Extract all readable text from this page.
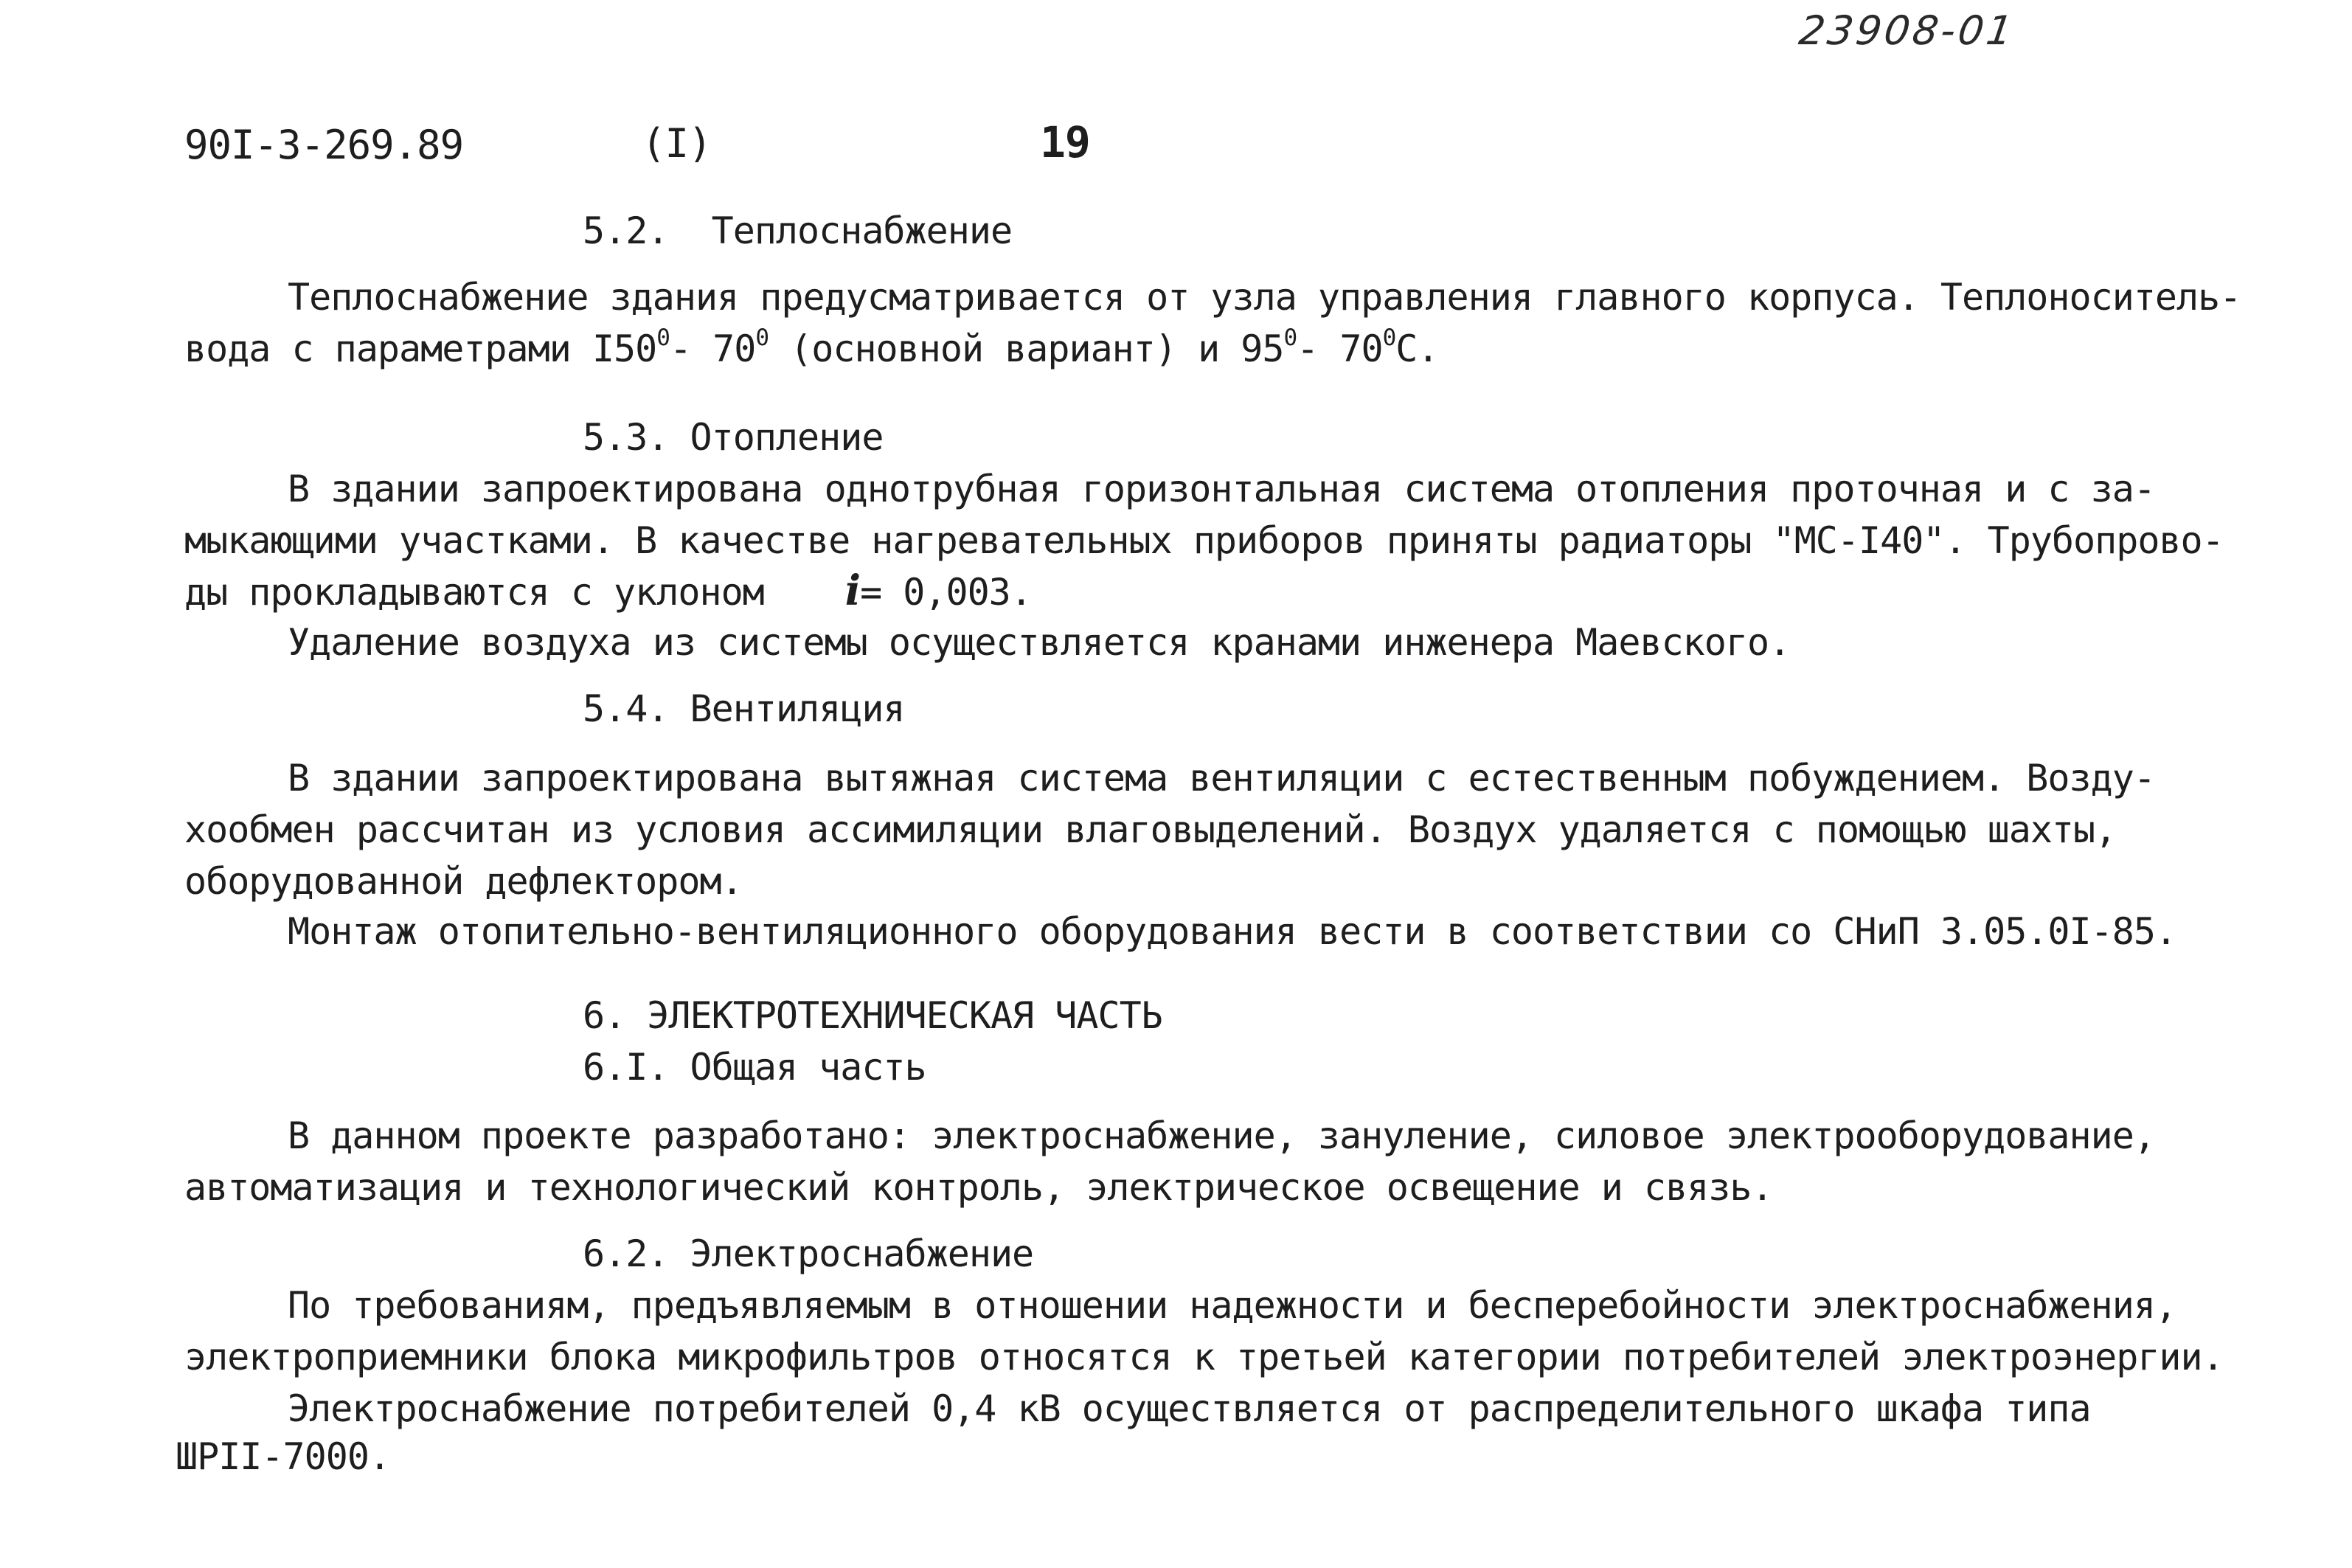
23908-01
90I-3-269.89	(I)	19
5.2.  Теплоснабжение
Теплоснабжение здания предусматривается от узла управления главного корпуса. Теплоноситель-
вода с параметрами $I50^0-$ $70^0$ (основной вариант) и $95^0-$ $70^0С$.
5.3. Отопление
В здании запроектирована однотрубная горизонтальная система отопления проточная и с за-
мыкающими участками. В качестве нагревательных приборов приняты радиаторы "МС-I40". Трубопрово-
ды прокладываются с уклоном i= 0,003.
Удаление воздуха из системы осуществляется кранами инженера Маевского.
5.4. Вентиляция
В здании запроектирована вытяжная система вентиляции с естественным побуждением. Возду-
хообмен рассчитан из условия ассимиляции влаговыделений. Воздух удаляется с помощью шахты,
оборудованной дефлектором.
Монтаж отопительно-вентиляционного оборудования вести в соответствии со СНиП 3.05.0I-85.
6. ЭЛЕКТРОТЕХНИЧЕСКАЯ ЧАСТЬ
6.I. Общая часть
В данном проекте разработано: электроснабжение, зануление, силовое электрооборудование,
автоматизация и технологический контроль, электрическое освещение и связь.
6.2. Электроснабжение
По требованиям, предъявляемым в отношении надежности и бесперебойности электроснабжения,
электроприемники блока микрофильтров относятся к третьей категории потребителей электроэнергии.
Электроснабжение потребителей 0,4 кВ осуществляется от распределительного шкафа типа
ШРII-7000.
